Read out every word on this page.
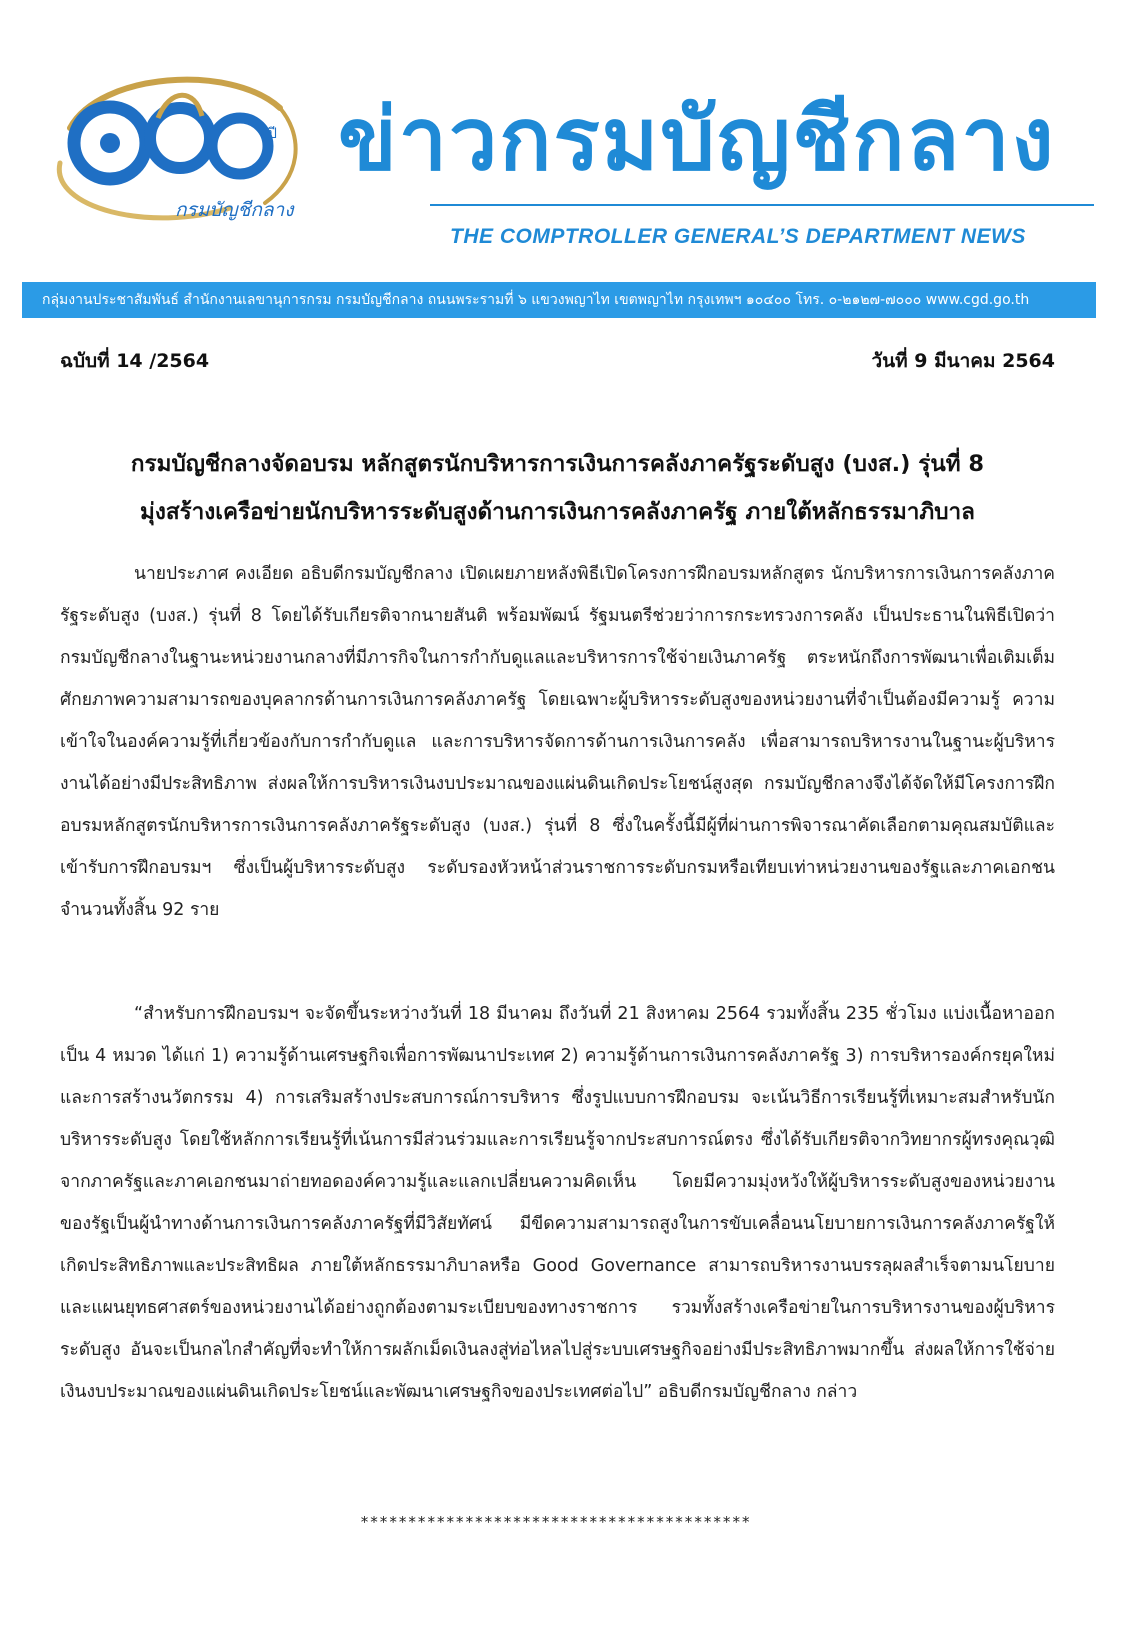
ปี
กรมบัญชีกลาง
ข่าวกรมบัญชีกลาง
THE COMPTROLLER GENERAL’S DEPARTMENT NEWS
กลุ่มงานประชาสัมพันธ์ สำนักงานเลขานุการกรม กรมบัญชีกลาง ถนนพระรามที่ ๖ แขวงพญาไท เขตพญาไท กรุงเทพฯ ๑๐๔๐๐ โทร. ๐-๒๑๒๗-๗๐๐๐ www.cgd.go.th
ฉบับที่ 14 /2564	วันที่ 9 มีนาคม 2564
กรมบัญชีกลางจัดอบรม หลักสูตรนักบริหารการเงินการคลังภาครัฐระดับสูง (บงส.) รุ่นที่ 8
มุ่งสร้างเครือข่ายนักบริหารระดับสูงด้านการเงินการคลังภาครัฐ ภายใต้หลักธรรมาภิบาล

นายประภาศ คงเอียด อธิบดีกรมบัญชีกลาง เปิดเผยภายหลังพิธีเปิดโครงการฝึกอบรมหลักสูตร นักบริหารการเงินการคลังภาครัฐระดับสูง (บงส.) รุ่นที่ 8 โดยได้รับเกียรติจากนายสันติ พร้อมพัฒน์ รัฐมนตรีช่วยว่าการกระทรวงการคลัง เป็นประธานในพิธีเปิดว่า กรมบัญชีกลางในฐานะหน่วยงานกลางที่มีภารกิจในการกำกับดูแลและบริหารการใช้จ่ายเงินภาครัฐ ตระหนักถึงการพัฒนาเพื่อเติมเต็มศักยภาพความสามารถของบุคลากรด้านการเงินการคลังภาครัฐ โดยเฉพาะผู้บริหารระดับสูงของหน่วยงานที่จำเป็นต้องมีความรู้ ความเข้าใจในองค์ความรู้ที่เกี่ยวข้องกับการกำกับดูแล และการบริหารจัดการด้านการเงินการคลัง เพื่อสามารถบริหารงานในฐานะผู้บริหารงานได้อย่างมีประสิทธิภาพ ส่งผลให้การบริหารเงินงบประมาณของแผ่นดินเกิดประโยชน์สูงสุด กรมบัญชีกลางจึงได้จัดให้มีโครงการฝึกอบรมหลักสูตรนักบริหารการเงินการคลังภาครัฐระดับสูง (บงส.) รุ่นที่ 8 ซึ่งในครั้งนี้มีผู้ที่ผ่านการพิจารณาคัดเลือกตามคุณสมบัติและเข้ารับการฝึกอบรมฯ ซึ่งเป็นผู้บริหารระดับสูง ระดับรองหัวหน้าส่วนราชการระดับกรมหรือเทียบเท่าหน่วยงานของรัฐและภาคเอกชน จำนวนทั้งสิ้น 92 ราย

“สำหรับการฝึกอบรมฯ จะจัดขึ้นระหว่างวันที่ 18 มีนาคม ถึงวันที่ 21 สิงหาคม 2564 รวมทั้งสิ้น 235 ชั่วโมง แบ่งเนื้อหาออกเป็น 4 หมวด ได้แก่ 1) ความรู้ด้านเศรษฐกิจเพื่อการพัฒนาประเทศ 2) ความรู้ด้านการเงินการคลังภาครัฐ 3) การบริหารองค์กรยุคใหม่และการสร้างนวัตกรรม 4) การเสริมสร้างประสบการณ์การบริหาร ซึ่งรูปแบบการฝึกอบรม จะเน้นวิธีการเรียนรู้ที่เหมาะสมสำหรับนักบริหารระดับสูง โดยใช้หลักการเรียนรู้ที่เน้นการมีส่วนร่วมและการเรียนรู้จากประสบการณ์ตรง ซึ่งได้รับเกียรติจากวิทยากรผู้ทรงคุณวุฒิจากภาครัฐและภาคเอกชนมาถ่ายทอดองค์ความรู้และแลกเปลี่ยนความคิดเห็น โดยมีความมุ่งหวังให้ผู้บริหารระดับสูงของหน่วยงานของรัฐเป็นผู้นำทางด้านการเงินการคลังภาครัฐที่มีวิสัยทัศน์ มีขีดความสามารถสูงในการขับเคลื่อนนโยบายการเงินการคลังภาครัฐให้เกิดประสิทธิภาพและประสิทธิผล ภายใต้หลักธรรมาภิบาลหรือ Good Governance สามารถบริหารงานบรรลุผลสำเร็จตามนโยบายและแผนยุทธศาสตร์ของหน่วยงานได้อย่างถูกต้องตามระเบียบของทางราชการ รวมทั้งสร้างเครือข่ายในการบริหารงานของผู้บริหารระดับสูง อันจะเป็นกลไกสำคัญที่จะทำให้การผลักเม็ดเงินลงสู่ท่อไหลไปสู่ระบบเศรษฐกิจอย่างมีประสิทธิภาพมากขึ้น ส่งผลให้การใช้จ่ายเงินงบประมาณของแผ่นดินเกิดประโยชน์และพัฒนาเศรษฐกิจของประเทศต่อไป” อธิบดีกรมบัญชีกลาง กล่าว

*****************************************
